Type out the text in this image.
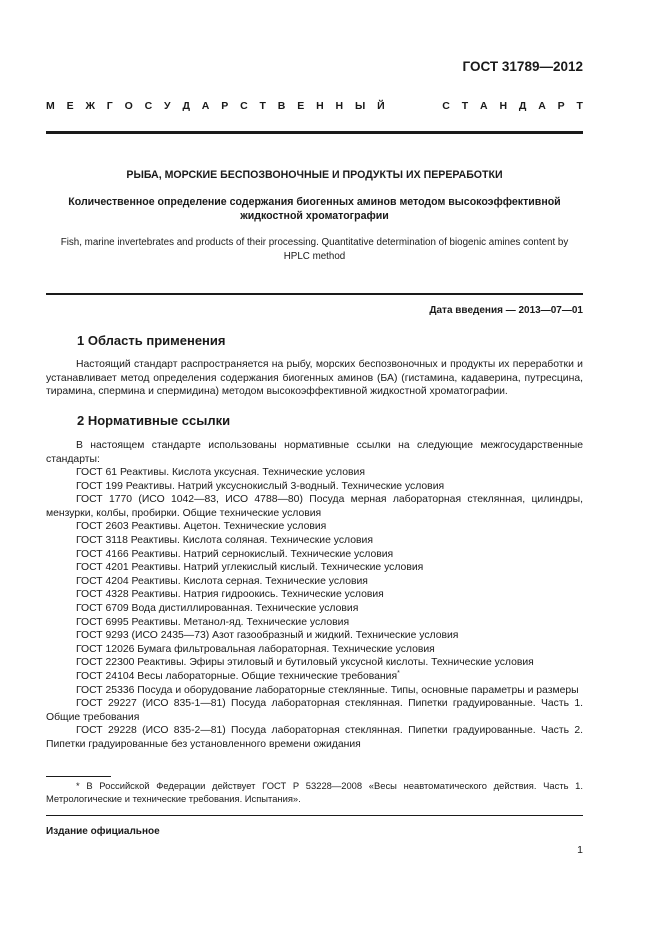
ГОСТ 31789—2012
М Е Ж Г О С У Д А Р С Т В Е Н Н Ы Й	С Т А Н Д А Р Т
РЫБА, МОРСКИЕ БЕСПОЗВОНОЧНЫЕ И ПРОДУКТЫ ИХ ПЕРЕРАБОТКИ
Количественное определение содержания биогенных аминов методом высокоэффективной жидкостной хроматографии
Fish, marine invertebrates and products of their processing. Quantitative determination of biogenic amines content by HPLC method
Дата введения — 2013—07—01
1 Область применения

Настоящий стандарт распространяется на рыбу, морских беспозвоночных и продукты их переработки и устанавливает метод определения содержания биогенных аминов (БА) (гистамина, кадаверина, путресцина, тирамина, спермина и спермидина) методом высокоэффективной жидкостной хроматографии.

2 Нормативные ссылки

В настоящем стандарте использованы нормативные ссылки на следующие межгосударственные стандарты:

ГОСТ 61 Реактивы. Кислота уксусная. Технические условия

ГОСТ 199 Реактивы. Натрий уксуснокислый 3-водный. Технические условия

ГОСТ 1770 (ИСО 1042—83, ИСО 4788—80) Посуда мерная лабораторная стеклянная, цилиндры, мензурки, колбы, пробирки. Общие технические условия

ГОСТ 2603 Реактивы. Ацетон. Технические условия

ГОСТ 3118 Реактивы. Кислота соляная. Технические условия

ГОСТ 4166 Реактивы. Натрий сернокислый. Технические условия

ГОСТ 4201 Реактивы. Натрий углекислый кислый. Технические условия

ГОСТ 4204 Реактивы. Кислота серная. Технические условия

ГОСТ 4328 Реактивы. Натрия гидроокись. Технические условия

ГОСТ 6709 Вода дистиллированная. Технические условия

ГОСТ 6995 Реактивы. Метанол-яд. Технические условия

ГОСТ 9293 (ИСО 2435—73) Азот газообразный и жидкий. Технические условия

ГОСТ 12026 Бумага фильтровальная лабораторная. Технические условия

ГОСТ 22300 Реактивы. Эфиры этиловый и бутиловый уксусной кислоты. Технические условия

ГОСТ 24104 Весы лабораторные. Общие технические требования*

ГОСТ 25336 Посуда и оборудование лабораторные стеклянные. Типы, основные параметры и размеры

ГОСТ 29227 (ИСО 835-1—81) Посуда лабораторная стеклянная. Пипетки градуированные. Часть 1. Общие требования

ГОСТ 29228 (ИСО 835-2—81) Посуда лабораторная стеклянная. Пипетки градуированные. Часть 2. Пипетки градуированные без установленного времени ожидания

* В Российской Федерации действует ГОСТ Р 53228—2008 «Весы неавтоматического действия. Часть 1. Метрологические и технические требования. Испытания».

Издание официальное
1
